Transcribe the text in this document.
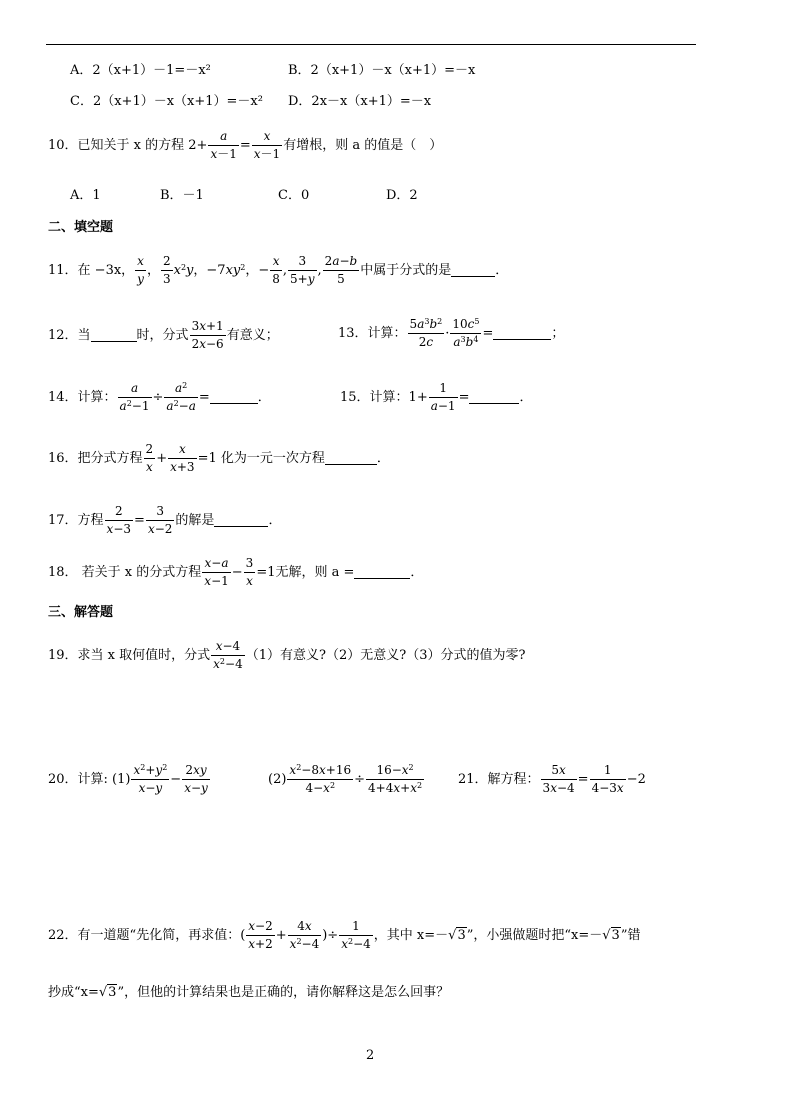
A．2（x+1）－1=－x²	B．2（x+1）－x（x+1）=－x
C．2（x+1）－x（x+1）=－x² D．2x－x（x+1）=－x
10．已知关于 x 的方程 $2+ \frac{a}{x-1} = \frac{x}{x-1}$ 有增根，则 a 的值是（　）
A．1	B．－1	C．0	D．2
二、填空题
11．在 −3x， $\frac{x}{y}$ ， $\frac{2}{3} x^2y$，$-7xy^2$，− $\frac{x}{8}$ , $\frac{3}{5+y}$ , $\frac{2a-b}{5}$ 中属于分式的是	．
12．当	时，分式 $\frac{3x+1}{2x-6}$ 有意义；	13．计算： $\frac{5a^3b^2}{2c} \cdot \frac{10c^5}{a^3b^4}$ =	；
14．计算： $\frac{a}{a^2-1} \div \frac{a^2}{a^2-a}$ =	．	15．计算：$1+ \frac{1}{a-1}$ =	．
16．把分式方程 $\frac{2}{x} + \frac{x}{x+3} =1$ 化为一元一次方程	．
17．方程 $\frac{2}{x-3} = \frac{3}{x-2}$ 的解是	．
18． 若关于 x 的分式方程 $\frac{x-a}{x-1} - \frac{3}{x} =1$无解，则 a =	．
三、解答题
19．求当 x 取何值时，分式 $\frac{x-4}{x^2-4} (1)$有意义?（2）无意义?（3）分式的值为零?
20．计算: $(1) \frac{x^2+y^2}{x-y} - \frac{2xy}{x-y}$	$(2) \frac{x^2-8x+16}{4-x^2} \div \frac{16-x^2}{4+4x+x^2}$	21．解方程： $\frac{5x}{3x-4} = \frac{1}{4-3x} -2$
22．有一道题“先化简，再求值：( $\frac{x-2}{x+2} + \frac{4x}{x^2-4}$ )÷ $\frac{1}{x^2-4}$ ，其中 x=－ √3 ”，小强做题时把“x=－ √3 ”错
抄成“x= √3 ”，但他的计算结果也是正确的，请你解释这是怎么回事？
2
